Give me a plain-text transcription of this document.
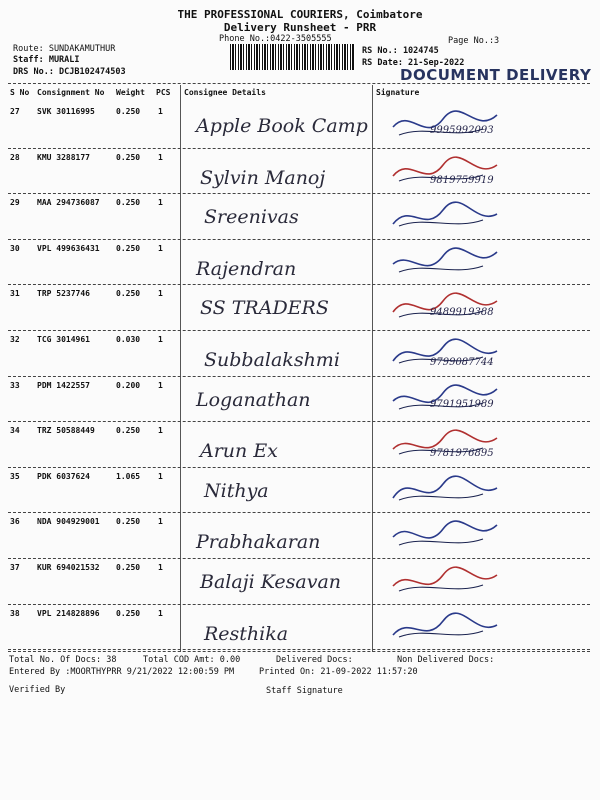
THE PROFESSIONAL COURIERS, Coimbatore
Delivery Runsheet - PRR
Phone No.:0422-3505555	Page No.:3
Route: SUNDAKAMUTHUR
Staff: MURALI
DRS No.: DCJB102474503
RS No.: 1024745
RS Date: 21-Sep-2022
DOCUMENT DELIVERY
S No Consignment No Weight PCS Consignee Details	Signature
27 SVK 30116995	0.250 1
Apple Book Camp	9995992093
28 KMU 3288177	0.250 1
Sylvin Manoj	9819759919
29 MAA 294736087 0.250 1
Sreenivas
30 VPL 499636431 0.250 1
Rajendran
31 TRP 5237746	0.250 1
SS TRADERS	9489919388
32 TCG 3014961	0.030 1
Subbalakshmi	9799087744
33 PDM 1422557	0.200 1
Loganathan	9791951989
34 TRZ 50588449	0.250 1
Arun Ex	9781976895
35 PDK 6037624	1.065 1
Nithya
36 NDA 904929001 0.250 1
Prabhakaran
37 KUR 694021532 0.250 1
Balaji Kesavan
38 VPL 214828896 0.250 1
Resthika
Total No. Of Docs: 38	Total COD Amt: 0.00	Delivered Docs:	Non Delivered Docs:
Entered By :MOORTHYPRR 9/21/2022 12:00:59 PM	Printed On: 21-09-2022 11:57:20
Verified By	Staff Signature
